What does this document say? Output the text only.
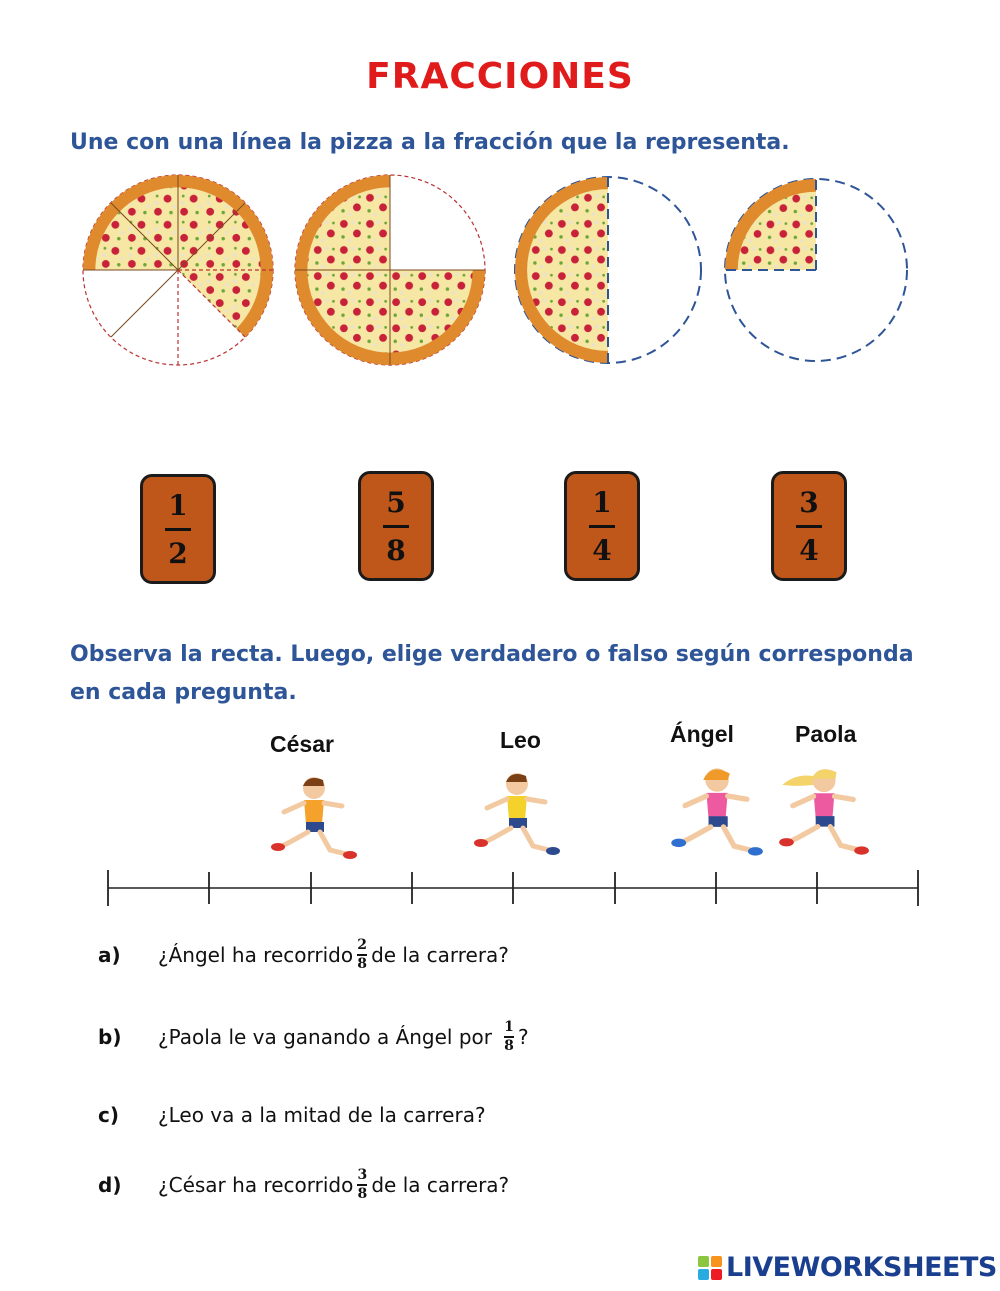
FRACCIONES
Une con una línea la pizza a la fracción que la representa.
1
2
5
8
1
4
3
4
Observa la recta. Luego, elige verdadero o falso según corresponda en cada pregunta.
César	Leo	Ángel	Paola
a)	¿Ángel ha recorrido $\frac{2}{8}$ de la carrera?
b)	¿Paola le va ganando a Ángel por $\frac{1}{8}$ ?
c)	¿Leo va a la mitad de la carrera?
d)	¿César ha recorrido $\frac{3}{8}$ de la carrera?
LIVEWORKSHEETS
